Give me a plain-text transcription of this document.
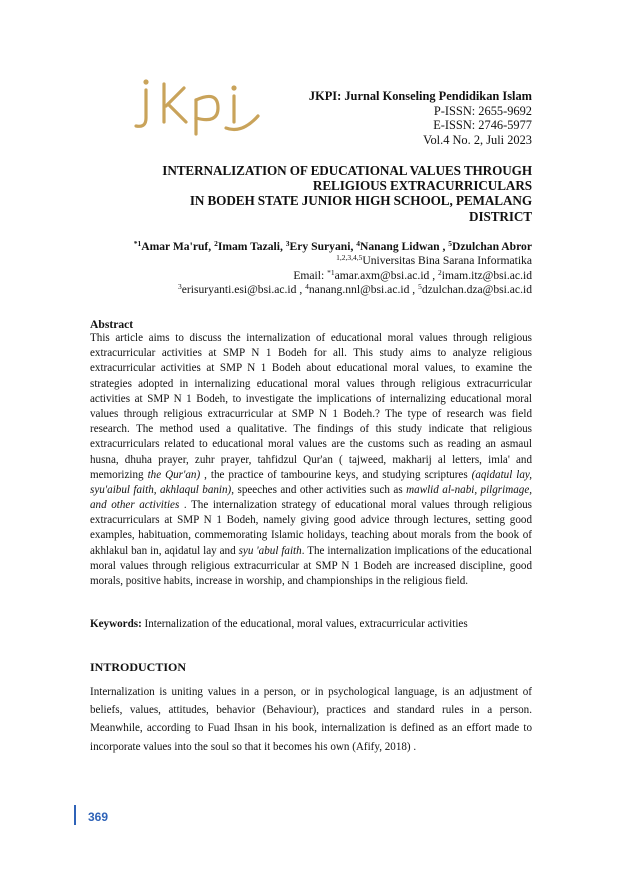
JKPI: Jurnal Konseling Pendidikan Islam
P-ISSN: 2655-9692
E-ISSN: 2746-5977
Vol.4 No. 2, Juli 2023
INTERNALIZATION OF EDUCATIONAL VALUES THROUGH
RELIGIOUS EXTRACURRICULARS
IN BODEH STATE JUNIOR HIGH SCHOOL, PEMALANG
DISTRICT
$^{*1}$Amar Ma'ruf, $^2$Imam Tazali, $^3$Ery Suryani, $^4$Nanang Lidwan , $^5$Dzulchan Abror
$^{1,2,3,4,5}$Universitas Bina Sarana Informatika
Email: $^{*1}$amar.axm@bsi.ac.id , $^2$imam.itz@bsi.ac.id
$^3$erisuryanti.esi@bsi.ac.id , $^4$nanang.nnl@bsi.ac.id , $^5$dzulchan.dza@bsi.ac.id
Abstract

This article aims to discuss the internalization of educational moral values through religious extracurricular activities at SMP N 1 Bodeh for all. This study aims to analyze religious extracurricular activities at SMP N 1 Bodeh about educational moral values, to examine the strategies adopted in internalizing educational moral values through religious extracurricular activities at SMP N 1 Bodeh, to investigate the implications of internalizing educational moral values through religious extracurricular at SMP N 1 Bodeh.? The type of research was field research. The method used a qualitative. The findings of this study indicate that religious extracurriculars related to educational moral values are the customs such as reading an asmaul husna, dhuha prayer, zuhr prayer, tahfidzul Qur'an ( tajweed, makharij al letters, imla' and memorizing the Qur'an) , the practice of tambourine keys, and studying scriptures (aqidatul lay, syu'aibul faith, akhlaqul banin), speeches and other activities such as mawlid al-nabi, pilgrimage, and other activities . The internalization strategy of educational moral values through religious extracurriculars at SMP N 1 Bodeh, namely giving good advice through lectures, setting good examples, habituation, commemorating Islamic holidays, teaching about morals from the book of akhlakul ban in, aqidatul lay and syu 'abul faith. The internalization implications of the educational moral values through religious extracurricular at SMP N 1 Bodeh are increased discipline, good morals, positive habits, increase in worship, and championships in the religious field.

Keywords: Internalization of the educational, moral values, extracurricular activities
INTRODUCTION
Internalization is uniting values in a person, or in psychological language, is an adjustment of beliefs, values, attitudes, behavior (Behaviour), practices and standard rules in a person. Meanwhile, according to Fuad Ihsan in his book, internalization is defined as an effort made to incorporate values into the soul so that it becomes his own (Afify, 2018) .
369
